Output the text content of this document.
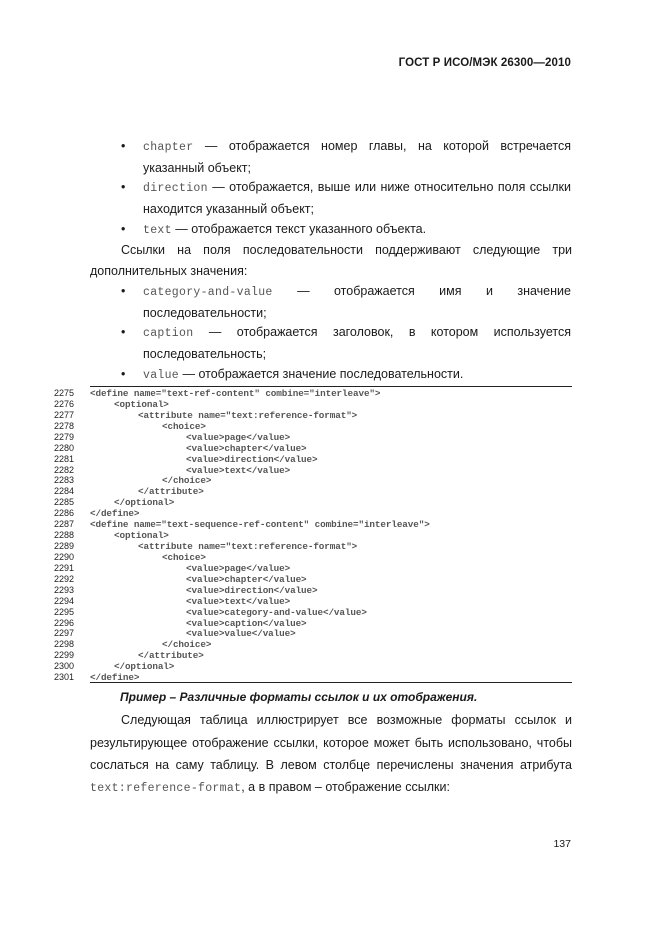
ГОСТ Р ИСО/МЭК 26300—2010
• chapter — отображается номер главы, на которой встречается
указанный объект;
• direction — отображается, выше или ниже относительно поля ссылки
находится указанный объект;
• text — отображается текст указанного объекта.
Ссылки на поля последовательности поддерживают следующие три
дополнительных значения:
• category-and-value — отображается имя и значение
последовательности;
• caption — отображается заголовок, в котором используется
последовательность;
• value — отображается значение последовательности.
2275 <define name="text-ref-content" combine="interleave">
2276	<optional>
2277	<attribute name="text:reference-format">
2278	<choice>
2279	<value>page</value>
2280	<value>chapter</value>
2281	<value>direction</value>
2282	<value>text</value>
2283	</choice>
2284	</attribute>
2285	</optional>
2286 </define>
2287 <define name="text-sequence-ref-content" combine="interleave">
2288	<optional>
2289	<attribute name="text:reference-format">
2290	<choice>
2291	<value>page</value>
2292	<value>chapter</value>
2293	<value>direction</value>
2294	<value>text</value>
2295	<value>category-and-value</value>
2296	<value>caption</value>
2297	<value>value</value>
2298	</choice>
2299	</attribute>
2300	</optional>
2301 </define>
Пример – Различные форматы ссылок и их отображения.
Следующая таблица иллюстрирует все возможные форматы ссылок и
результирующее отображение ссылки, которое может быть использовано, чтобы
сослаться на саму таблицу. В левом столбце перечислены значения атрибута
text:reference-format, а в правом – отображение ссылки:
137
